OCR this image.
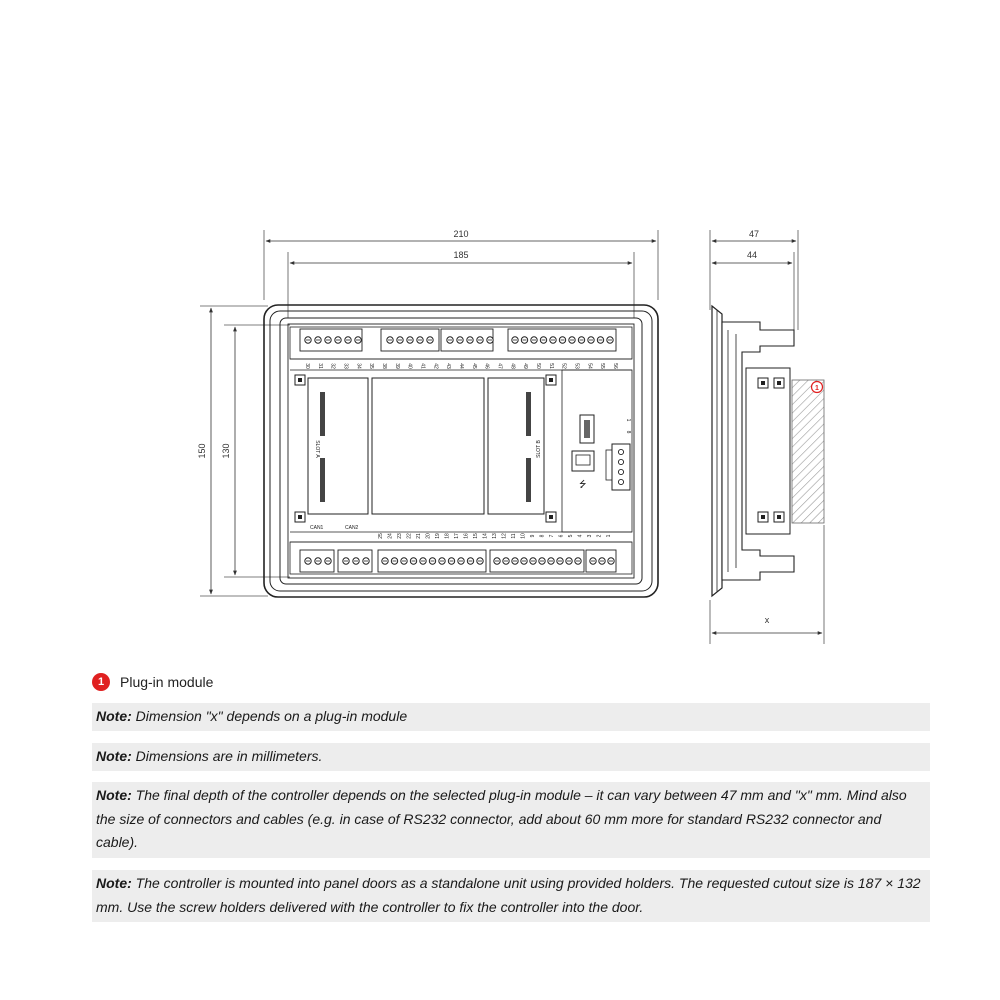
210
185
150 130
30 31 32 33 34 35 38 39 40 41 42 43 44 45 46 47 48 49 50 51 52 53 54 55 56
25 24 23 22 21 20 19 18 17 16 15 14 13 12 11 10 9 8 7 6 5 4 3 2 1
CAN1	CAN2
SLOT A	SLOT B
⭍
1
8
47
44
x
1
1	Plug-in module
Note: Dimension "x" depends on a plug-in module
Note: Dimensions are in millimeters.
Note: The final depth of the controller depends on the selected plug-in module – it can vary between 47 mm and "x" mm. Mind also the size of connectors and cables (e.g. in case of RS232 connector, add about 60 mm more for standard RS232 connector and cable).
Note: The controller is mounted into panel doors as a standalone unit using provided holders. The requested cutout size is 187 × 132 mm. Use the screw holders delivered with the controller to fix the controller into the door.
